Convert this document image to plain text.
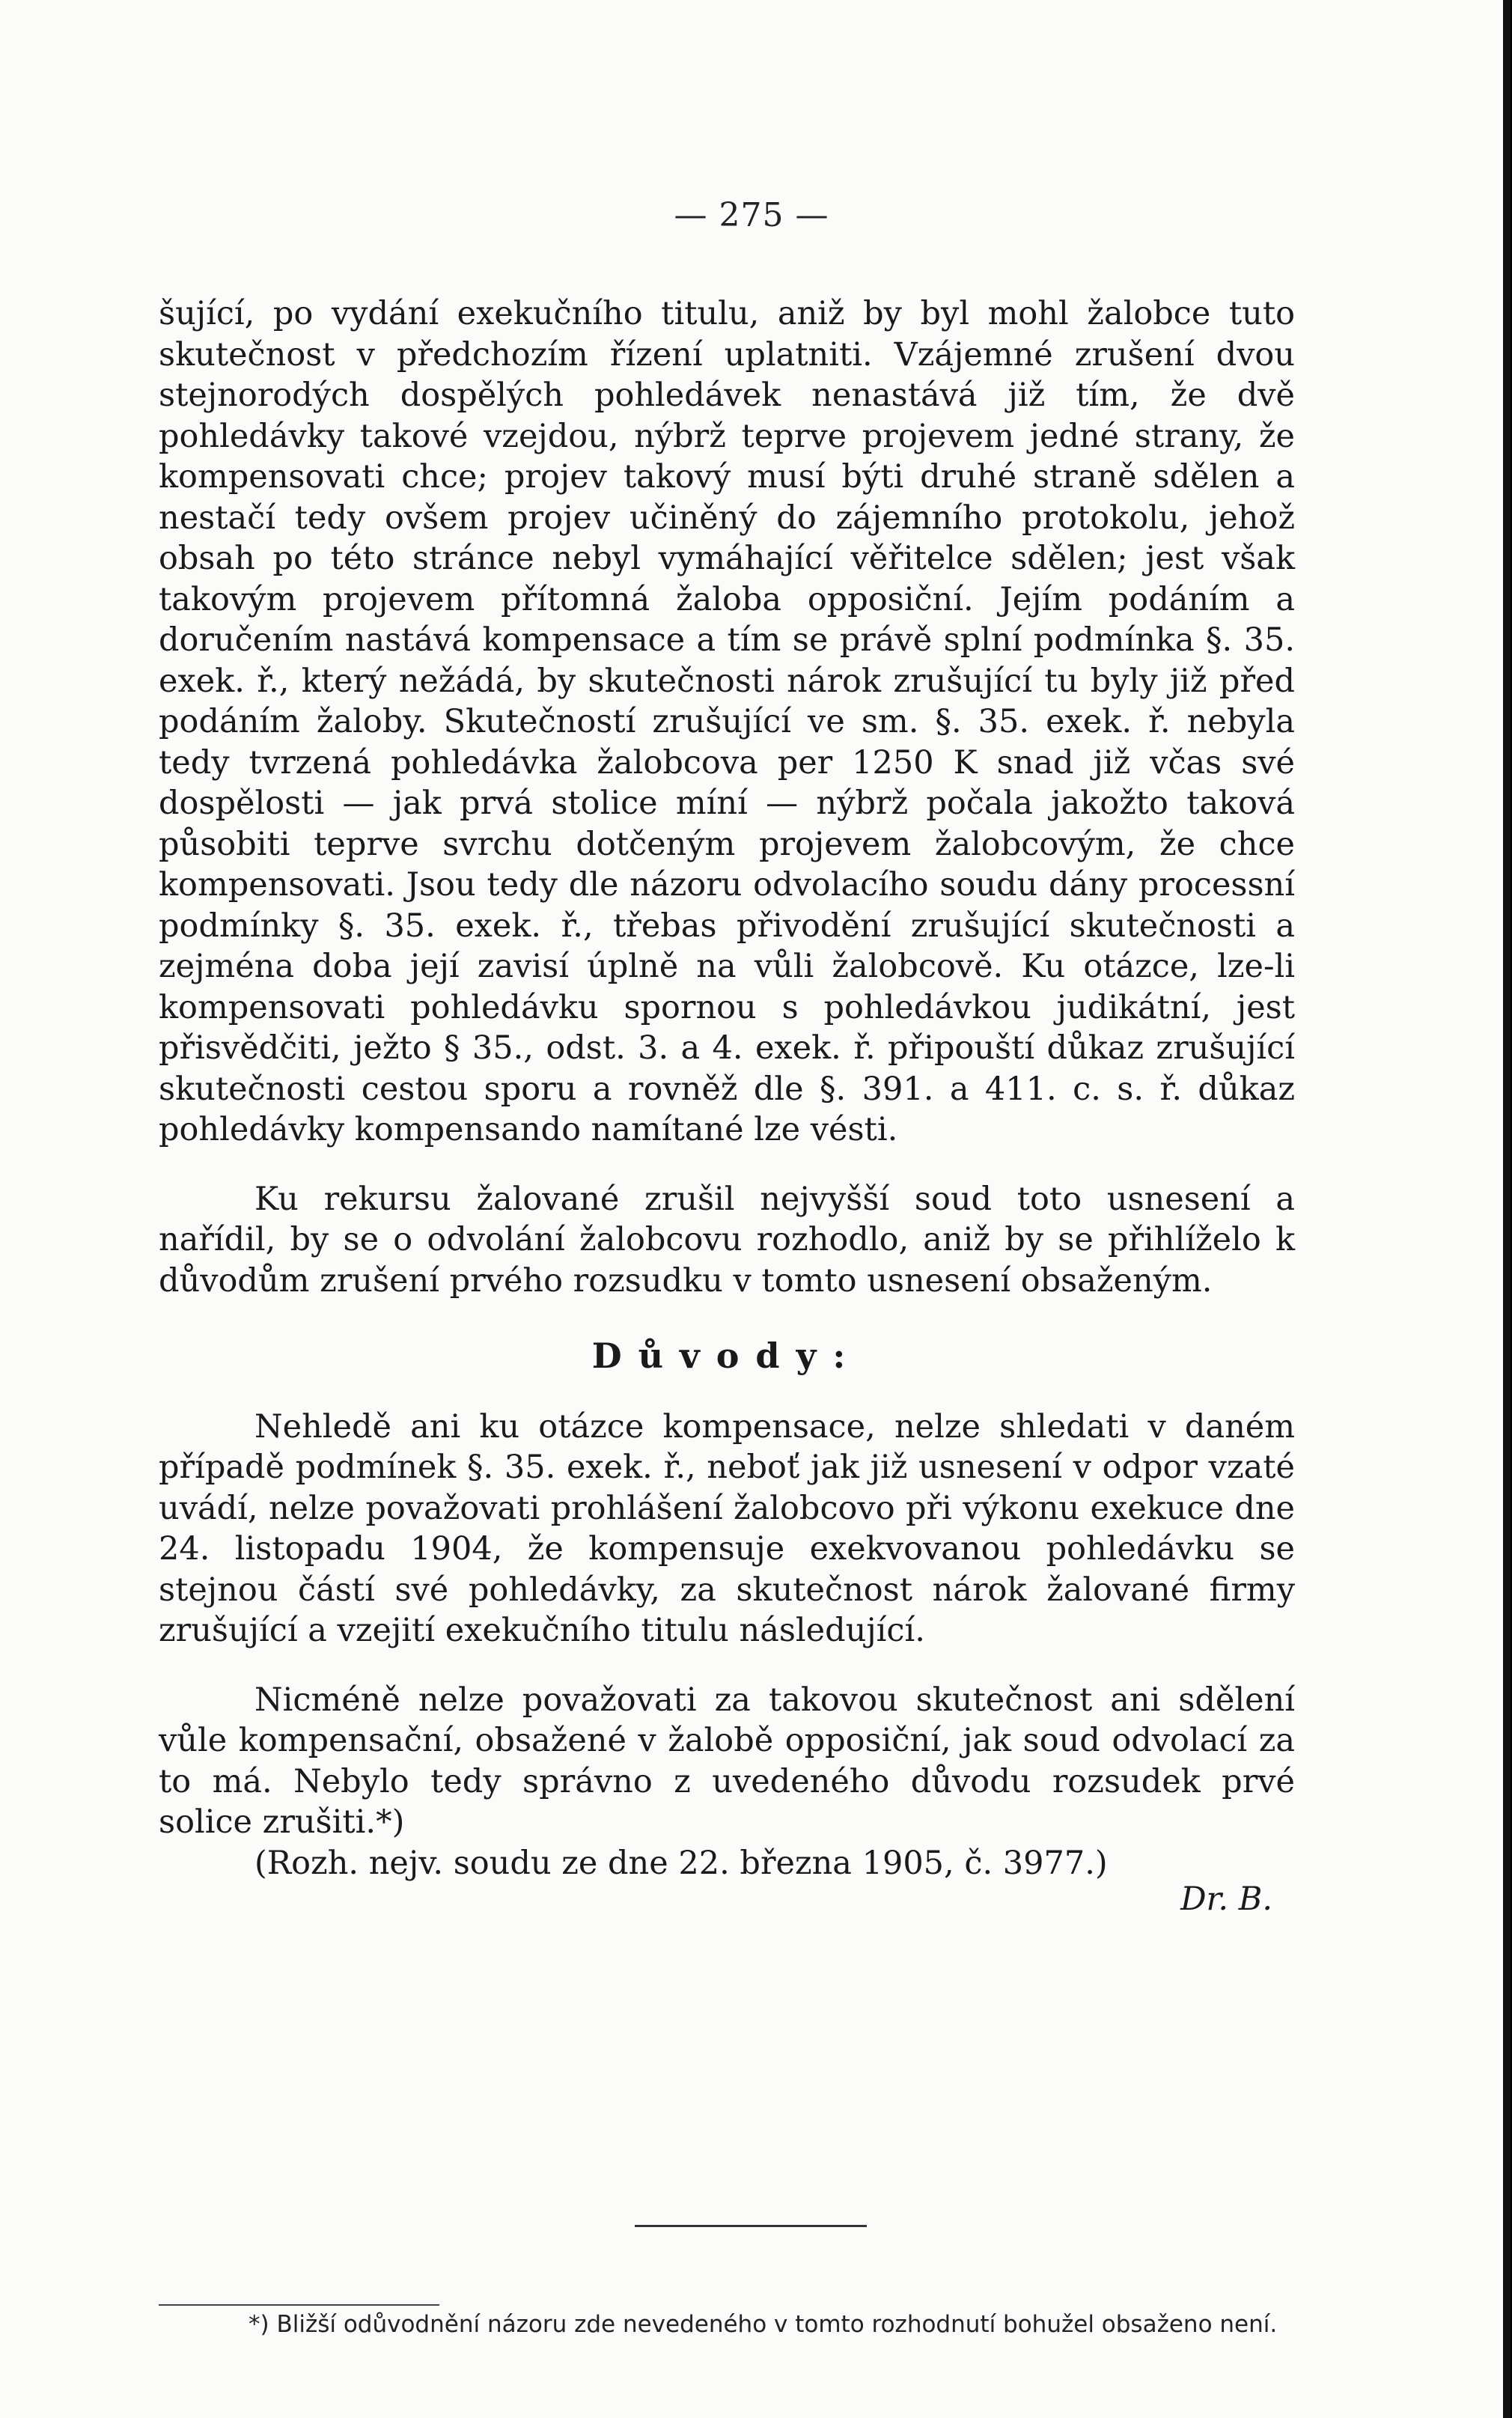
— 275 —

šující, po vydání exekučního titulu, aniž by byl mohl žalobce tuto skutečnost v předchozím řízení uplatniti. Vzájemné zrušení dvou stejnorodých dospělých pohledávek nenastává již tím, že dvě pohledávky takové vzejdou, nýbrž teprve projevem jedné strany, že kompensovati chce; projev takový musí býti druhé straně sdělen a nestačí tedy ovšem projev učiněný do zájemního protokolu, jehož obsah po této stránce nebyl vymáhající věřitelce sdělen; jest však takovým projevem přítomná žaloba opposiční. Jejím podáním a doručením nastává kompensace a tím se právě splní podmínka §. 35. exek. ř., který nežádá, by skutečnosti nárok zrušující tu byly již před podáním žaloby. Skutečností zrušující ve sm. §. 35. exek. ř. nebyla tedy tvrzená pohledávka žalobcova per 1250 K snad již včas své dospělosti — jak prvá stolice míní — nýbrž počala jakožto taková působiti teprve svrchu dotčeným projevem žalobcovým, že chce kompensovati. Jsou tedy dle názoru odvolacího soudu dány processní podmínky §. 35. exek. ř., třebas přivodění zrušující skutečnosti a zejména doba její zavisí úplně na vůli žalobcově. Ku otázce, lze-li kompensovati pohledávku spornou s pohledávkou judikátní, jest přisvědčiti, ježto § 35., odst. 3. a 4. exek. ř. připouští důkaz zrušující skutečnosti cestou sporu a rovněž dle §. 391. a 411. c. s. ř. důkaz pohledávky kompensando namítané lze vésti.

Ku rekursu žalované zrušil nejvyšší soud toto usnesení a nařídil, by se o odvolání žalobcovu rozhodlo, aniž by se přihlíželo k důvodům zrušení prvého rozsudku v tomto usnesení obsaženým.

Důvody:

Nehledě ani ku otázce kompensace, nelze shledati v daném případě podmínek §. 35. exek. ř., neboť jak již usnesení v odpor vzaté uvádí, nelze považovati prohlášení žalobcovo při výkonu exekuce dne 24. listopadu 1904, že kompensuje exekvovanou pohledávku se stejnou částí své pohledávky, za skutečnost nárok žalované firmy zrušující a vzejití exekučního titulu následující.

Nicméně nelze považovati za takovou skutečnost ani sdělení vůle kompensační, obsažené v žalobě opposiční, jak soud odvolací za to má. Nebylo tedy správno z uvedeného důvodu rozsudek prvé solice zrušiti.*)

(Rozh. nejv. soudu ze dne 22. března 1905, č. 3977.)

Dr. B.
*) Bližší odůvodnění názoru zde nevedeného v tomto rozhodnutí bohužel obsaženo není.
